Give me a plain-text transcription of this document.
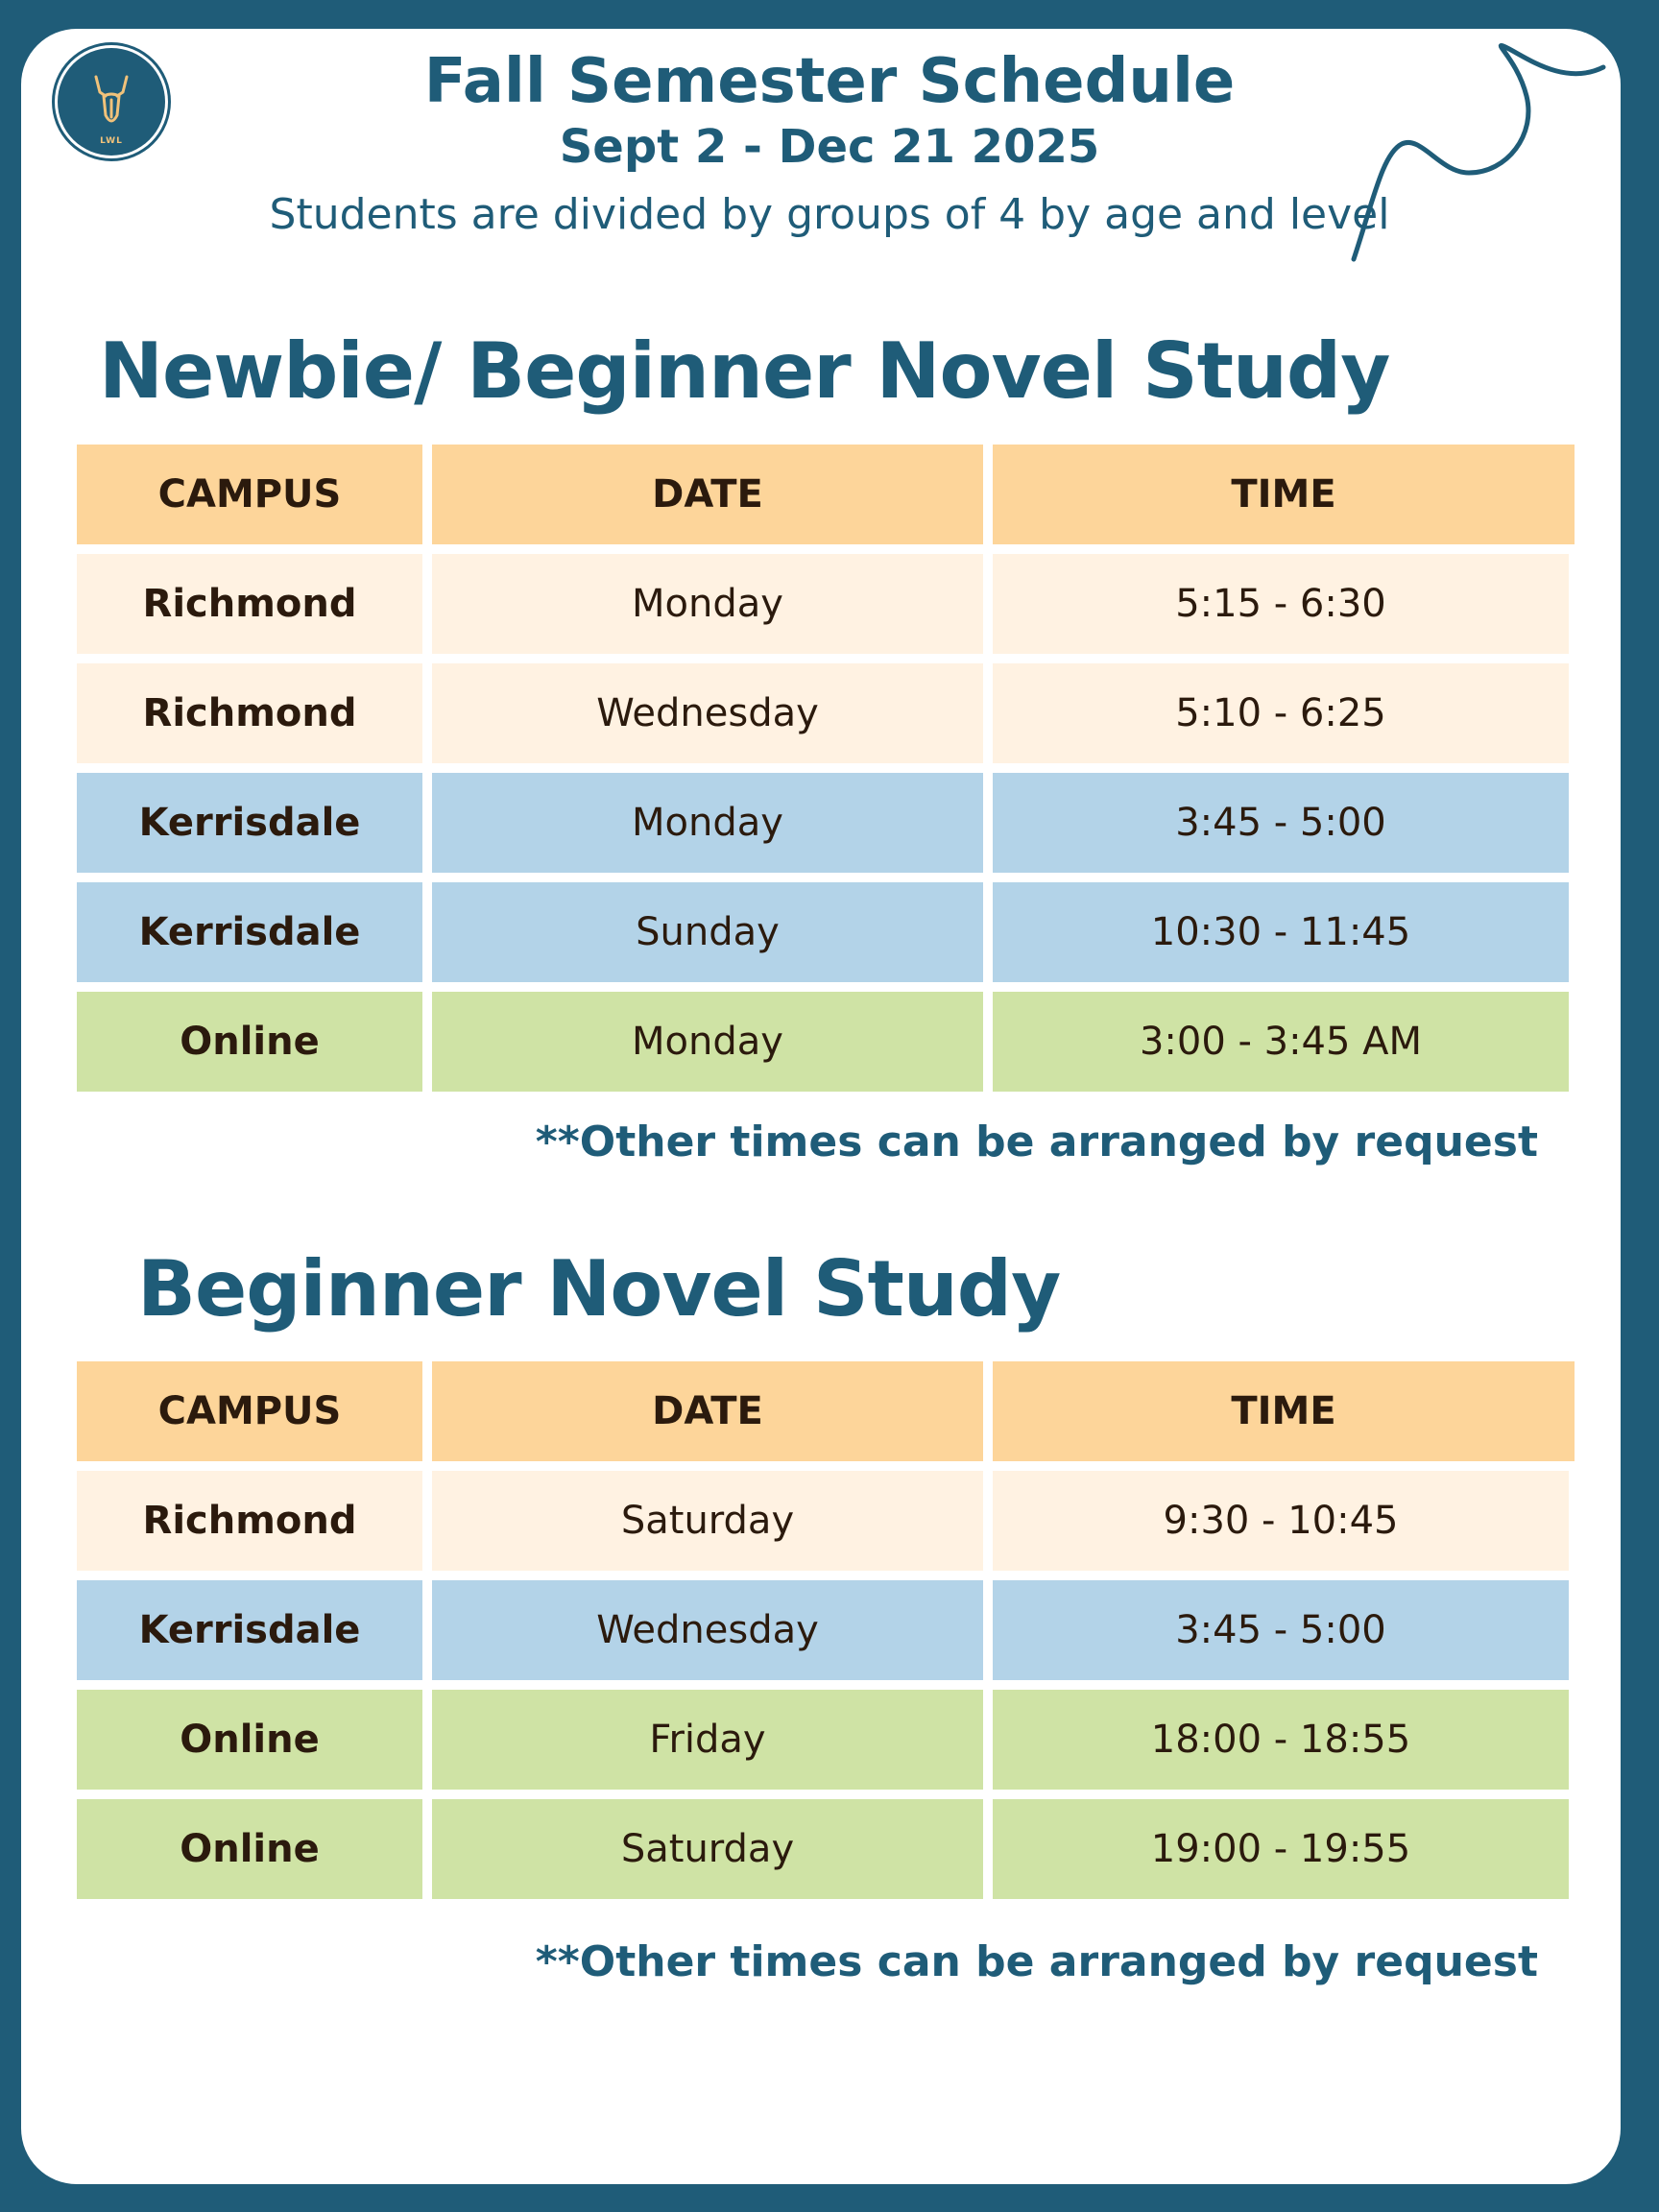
LWL
Fall Semester Schedule
Sept 2 - Dec 21 2025
Students are divided by groups of 4 by age and level
Newbie/ Beginner Novel Study
CAMPUS	DATE	TIME
Richmond	Monday	5:15 - 6:30
Richmond	Wednesday	5:10 - 6:25
Kerrisdale	Monday	3:45 - 5:00
Kerrisdale	Sunday	10:30 - 11:45
Online	Monday	3:00 - 3:45 AM
**Other times can be arranged by request
Beginner Novel Study
CAMPUS	DATE	TIME
Richmond	Saturday	9:30 - 10:45
Kerrisdale	Wednesday	3:45 - 5:00
Online	Friday	18:00 - 18:55
Online	Saturday	19:00 - 19:55
**Other times can be arranged by request
